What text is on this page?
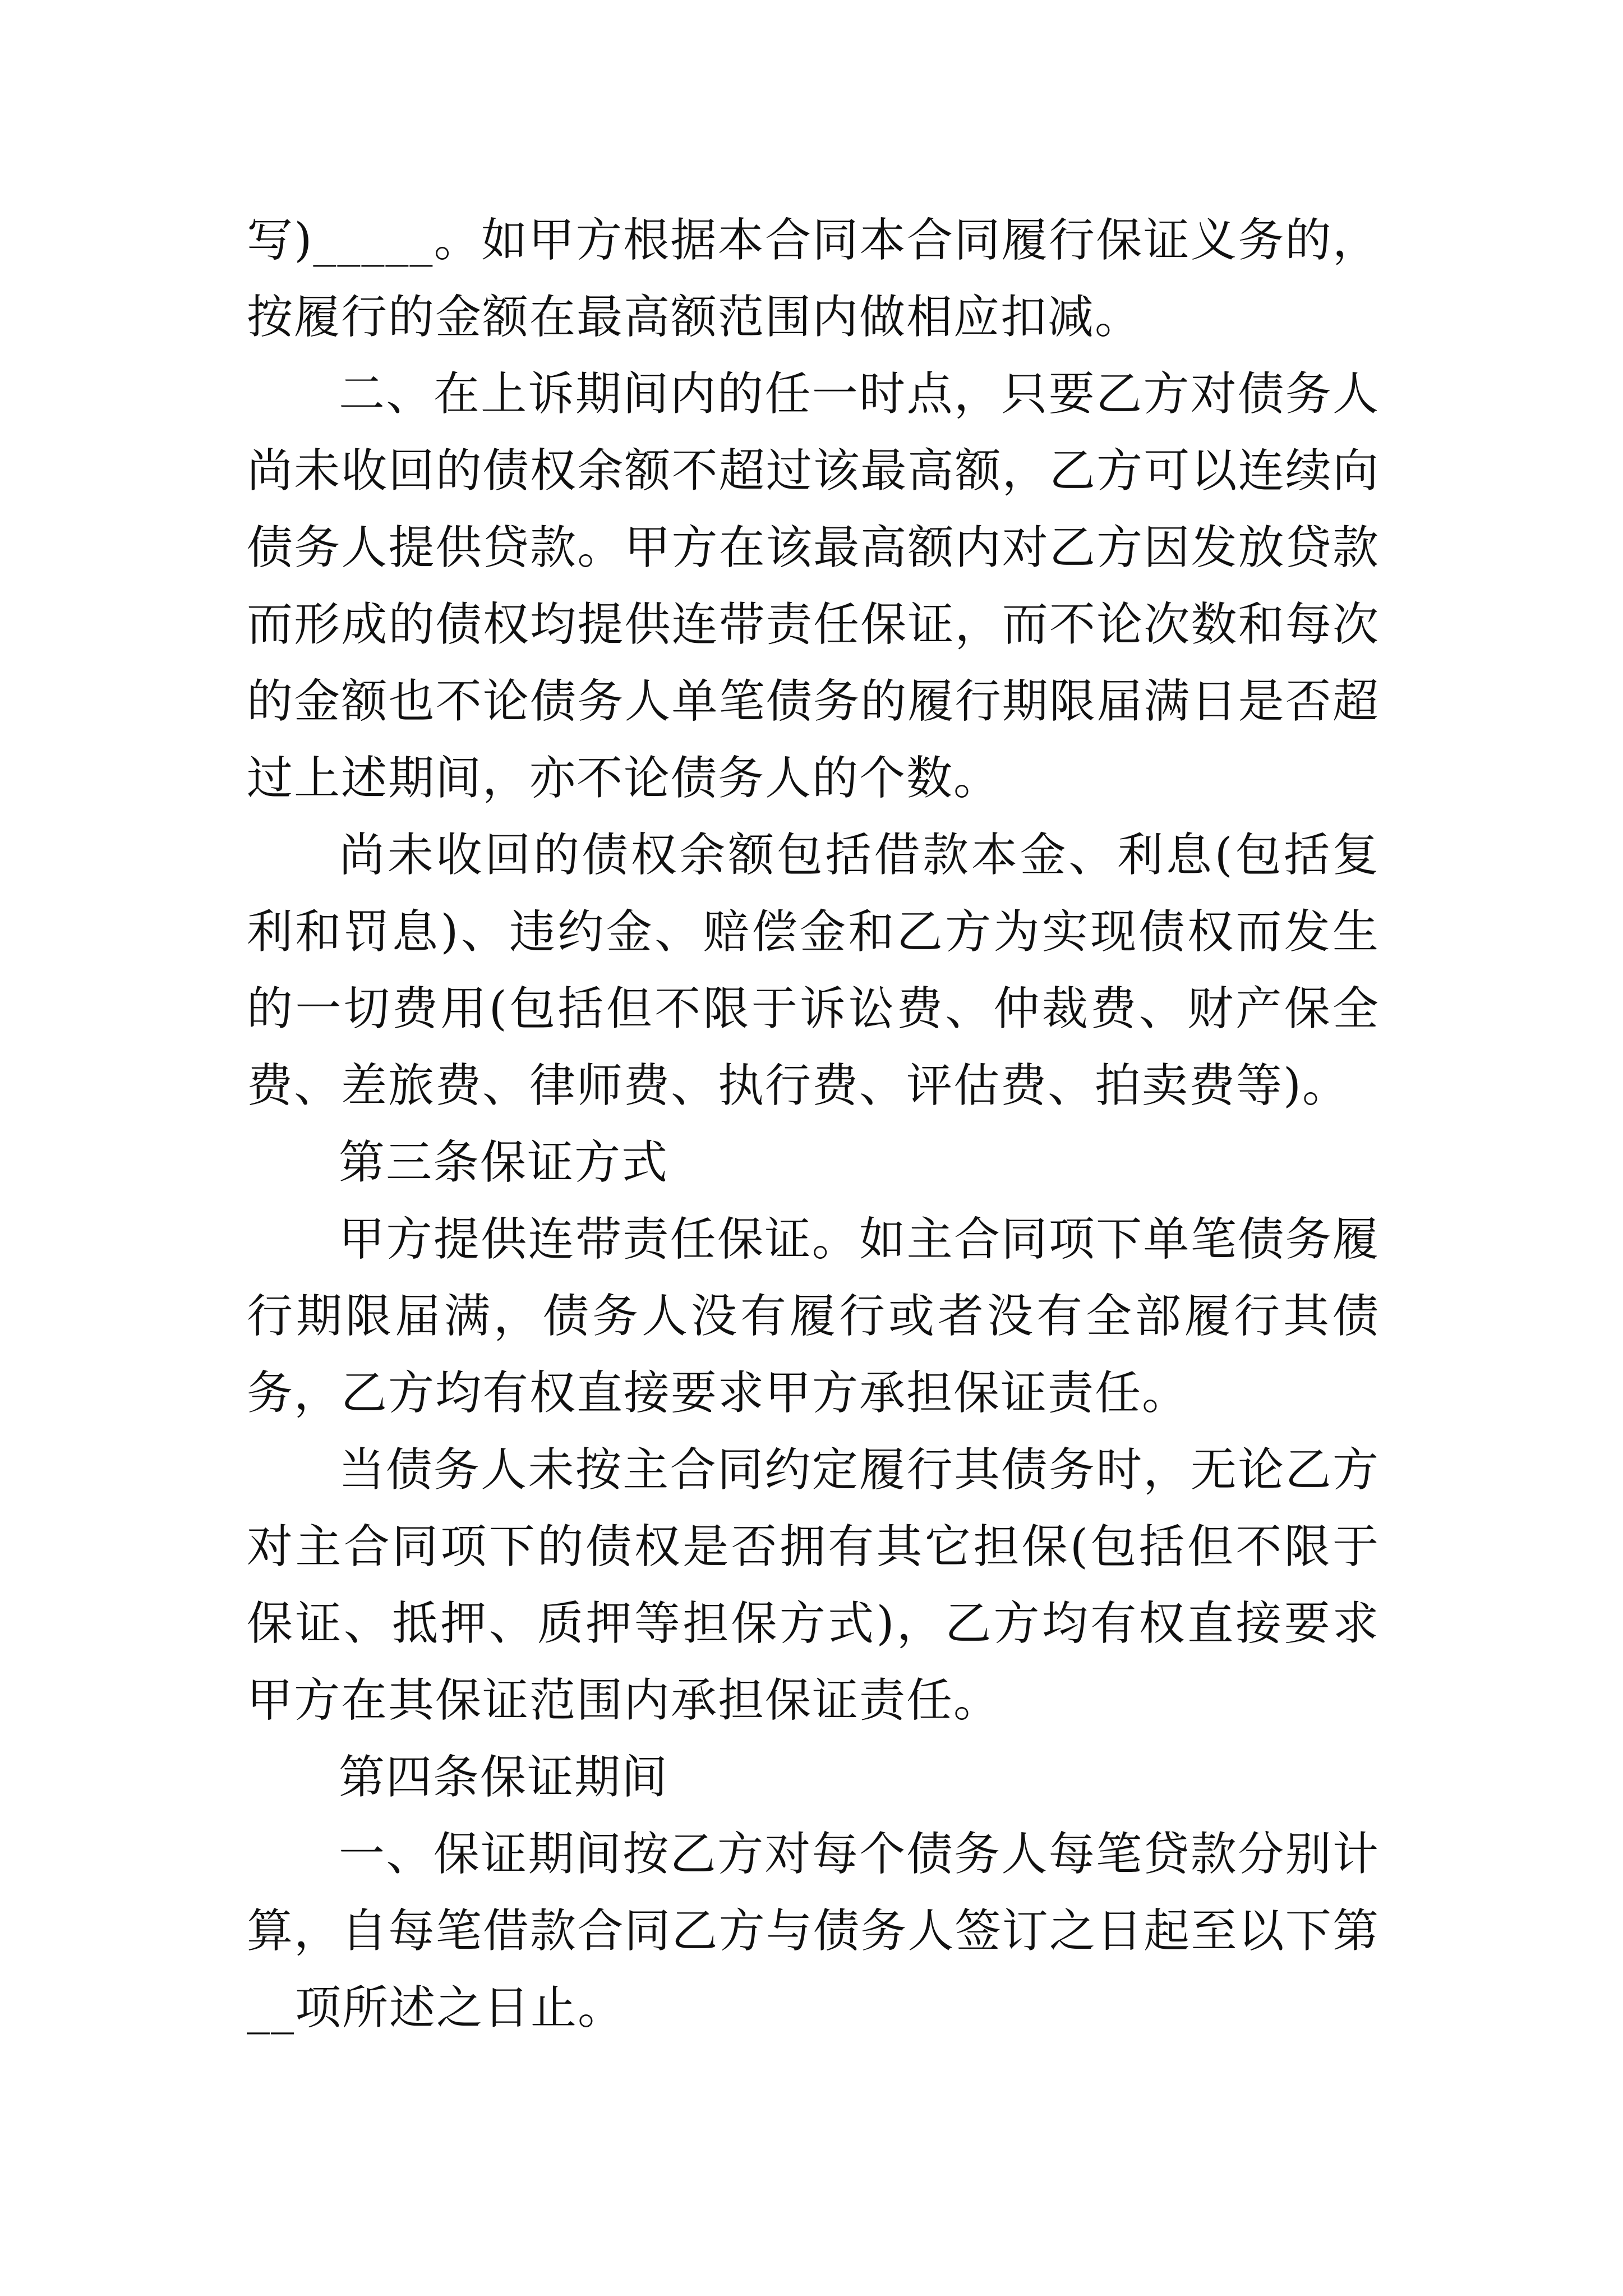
写)_____。如甲方根据本合同本合同履行保证义务的，按履行的金额在最高额范围内做相应扣减。

二、在上诉期间内的任一时点，只要乙方对债务人尚未收回的债权余额不超过该最高额，乙方可以连续向债务人提供贷款。甲方在该最高额内对乙方因发放贷款而形成的债权均提供连带责任保证，而不论次数和每次的金额也不论债务人单笔债务的履行期限届满日是否超过上述期间，亦不论债务人的个数。

尚未收回的债权余额包括借款本金、利息(包括复利和罚息)、违约金、赔偿金和乙方为实现债权而发生的一切费用(包括但不限于诉讼费、仲裁费、财产保全费、差旅费、律师费、执行费、评估费、拍卖费等)。

第三条保证方式

甲方提供连带责任保证。如主合同项下单笔债务履行期限届满，债务人没有履行或者没有全部履行其债务，乙方均有权直接要求甲方承担保证责任。

当债务人未按主合同约定履行其债务时，无论乙方对主合同项下的债权是否拥有其它担保(包括但不限于保证、抵押、质押等担保方式)，乙方均有权直接要求甲方在其保证范围内承担保证责任。

第四条保证期间

一、保证期间按乙方对每个债务人每笔贷款分别计算，自每笔借款合同乙方与债务人签订之日起至以下第__项所述之日止。
